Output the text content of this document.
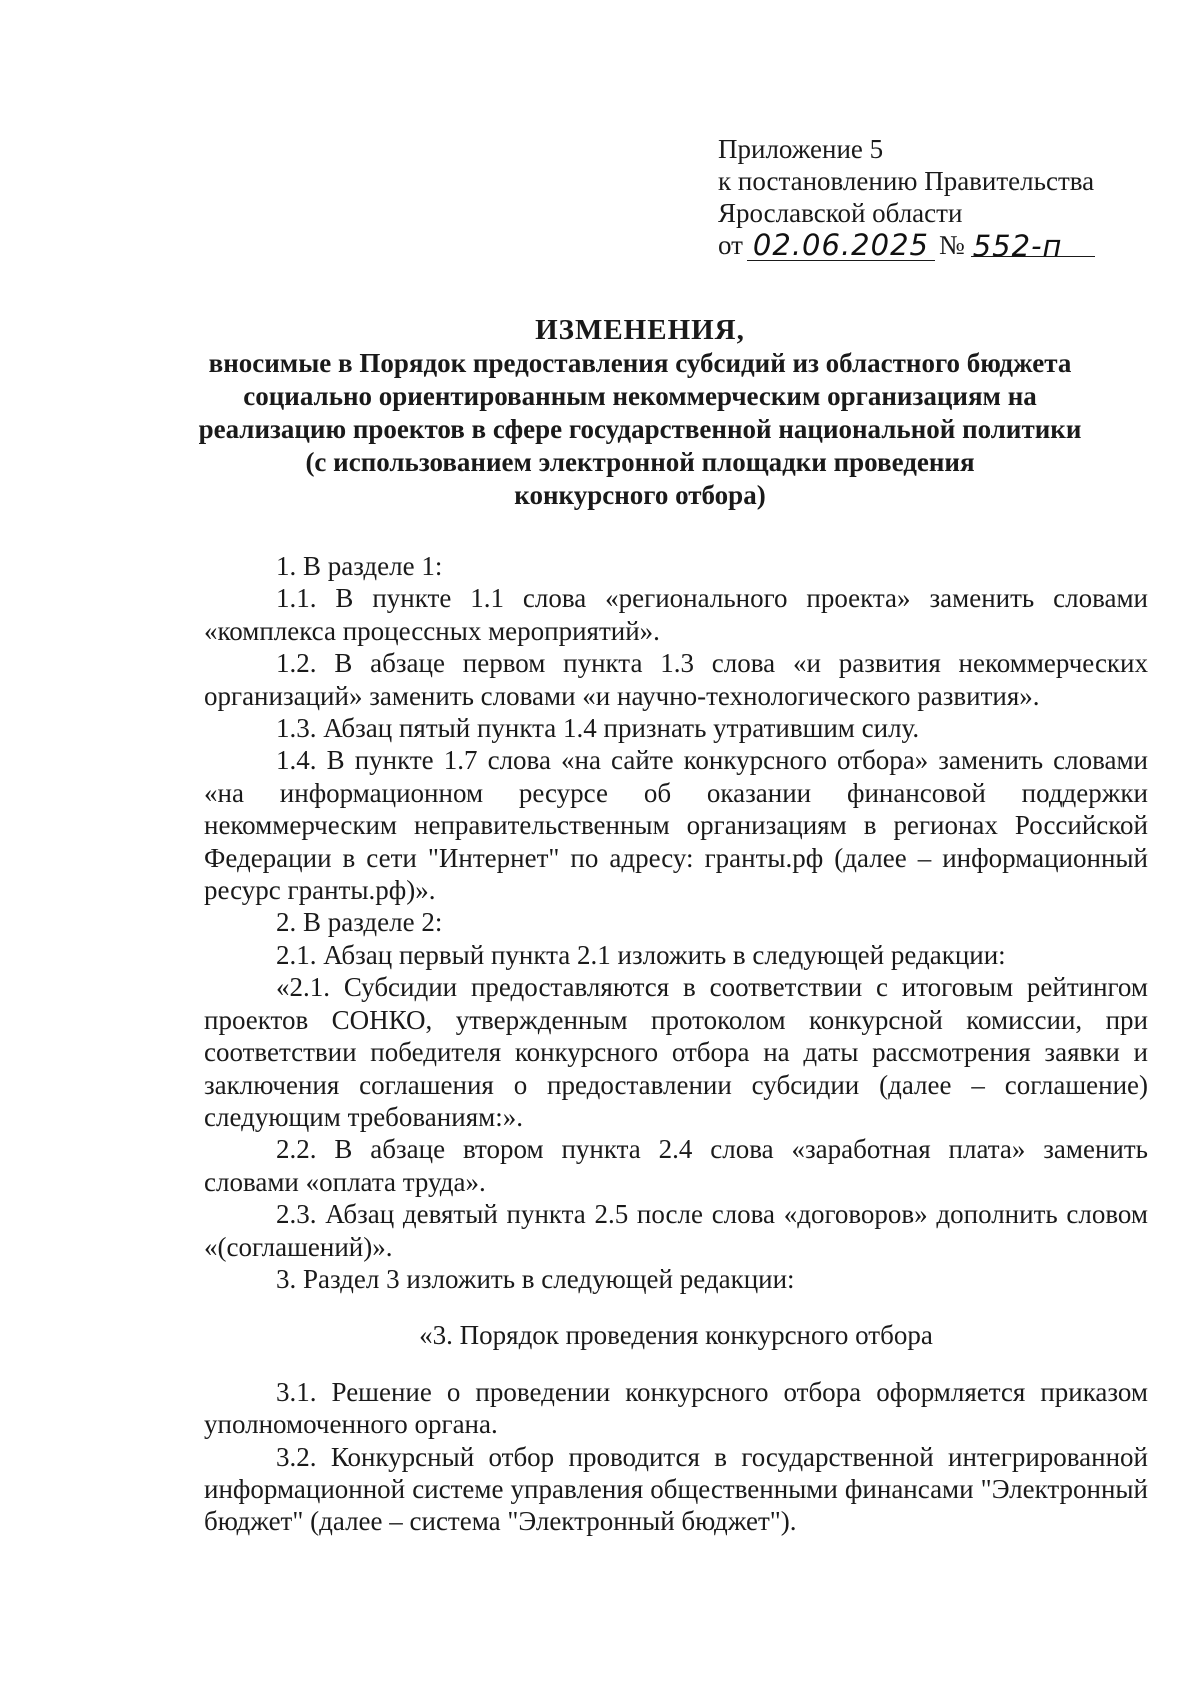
Приложение 5
к постановлению Правительства
Ярославской области
от 02.06.2025 № 552-п
ИЗМЕНЕНИЯ,
вносимые в Порядок предоставления субсидий из областного бюджета
социально ориентированным некоммерческим организациям на
реализацию проектов в сфере государственной национальной политики
(с использованием электронной площадки проведения
конкурсного отбора)

1. В разделе 1:

1.1. В пункте 1.1 слова «регионального проекта» заменить словами «комплекса процессных мероприятий».

1.2. В абзаце первом пункта 1.3 слова «и развития некоммерческих организаций» заменить словами «и научно-технологического развития».

1.3. Абзац пятый пункта 1.4 признать утратившим силу.

1.4. В пункте 1.7 слова «на сайте конкурсного отбора» заменить словами «на информационном ресурсе об оказании финансовой поддержки некоммерческим неправительственным организациям в регионах Российской Федерации в сети "Интернет" по адресу: гранты.рф (далее – информационный ресурс гранты.рф)».

2. В разделе 2:

2.1. Абзац первый пункта 2.1 изложить в следующей редакции:

«2.1. Субсидии предоставляются в соответствии с итоговым рейтингом проектов СОНКО, утвержденным протоколом конкурсной комиссии, при соответствии победителя конкурсного отбора на даты рассмотрения заявки и заключения соглашения о предоставлении субсидии (далее – соглашение) следующим требованиям:».

2.2. В абзаце втором пункта 2.4 слова «заработная плата» заменить словами «оплата труда».

2.3. Абзац девятый пункта 2.5 после слова «договоров» дополнить словом «(соглашений)».

3. Раздел 3 изложить в следующей редакции:

«3. Порядок проведения конкурсного отбора

3.1. Решение о проведении конкурсного отбора оформляется приказом уполномоченного органа.

3.2. Конкурсный отбор проводится в государственной интегрированной информационной системе управления общественными финансами "Электронный бюджет" (далее – система "Электронный бюджет").
